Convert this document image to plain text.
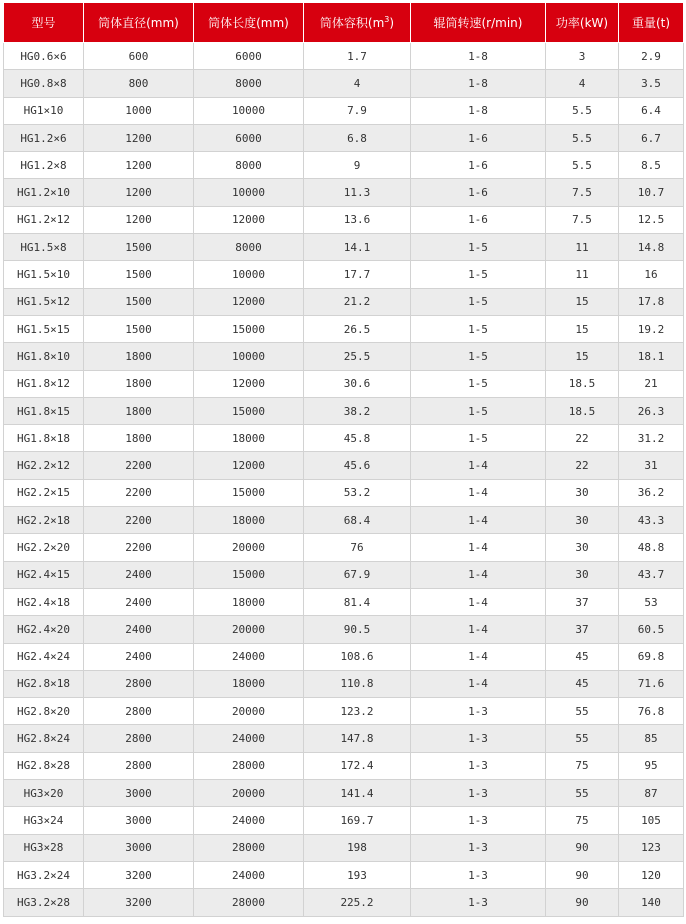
型号	筒体直径(mm)	筒体长度(mm)	筒体容积$(m^3)$	辊筒转速(r/min)	功率(kW)	重量(t)
HG0.6×6	600	6000	1.7	1-8	3	2.9
HG0.8×8	800	8000	4	1-8	4	3.5
HG1×10	1000	10000	7.9	1-8	5.5	6.4
HG1.2×6	1200	6000	6.8	1-6	5.5	6.7
HG1.2×8	1200	8000	9	1-6	5.5	8.5
HG1.2×10	1200	10000	11.3	1-6	7.5	10.7
HG1.2×12	1200	12000	13.6	1-6	7.5	12.5
HG1.5×8	1500	8000	14.1	1-5	11	14.8
HG1.5×10	1500	10000	17.7	1-5	11	16
HG1.5×12	1500	12000	21.2	1-5	15	17.8
HG1.5×15	1500	15000	26.5	1-5	15	19.2
HG1.8×10	1800	10000	25.5	1-5	15	18.1
HG1.8×12	1800	12000	30.6	1-5	18.5	21
HG1.8×15	1800	15000	38.2	1-5	18.5	26.3
HG1.8×18	1800	18000	45.8	1-5	22	31.2
HG2.2×12	2200	12000	45.6	1-4	22	31
HG2.2×15	2200	15000	53.2	1-4	30	36.2
HG2.2×18	2200	18000	68.4	1-4	30	43.3
HG2.2×20	2200	20000	76	1-4	30	48.8
HG2.4×15	2400	15000	67.9	1-4	30	43.7
HG2.4×18	2400	18000	81.4	1-4	37	53
HG2.4×20	2400	20000	90.5	1-4	37	60.5
HG2.4×24	2400	24000	108.6	1-4	45	69.8
HG2.8×18	2800	18000	110.8	1-4	45	71.6
HG2.8×20	2800	20000	123.2	1-3	55	76.8
HG2.8×24	2800	24000	147.8	1-3	55	85
HG2.8×28	2800	28000	172.4	1-3	75	95
HG3×20	3000	20000	141.4	1-3	55	87
HG3×24	3000	24000	169.7	1-3	75	105
HG3×28	3000	28000	198	1-3	90	123
HG3.2×24	3200	24000	193	1-3	90	120
HG3.2×28	3200	28000	225.2	1-3	90	140
